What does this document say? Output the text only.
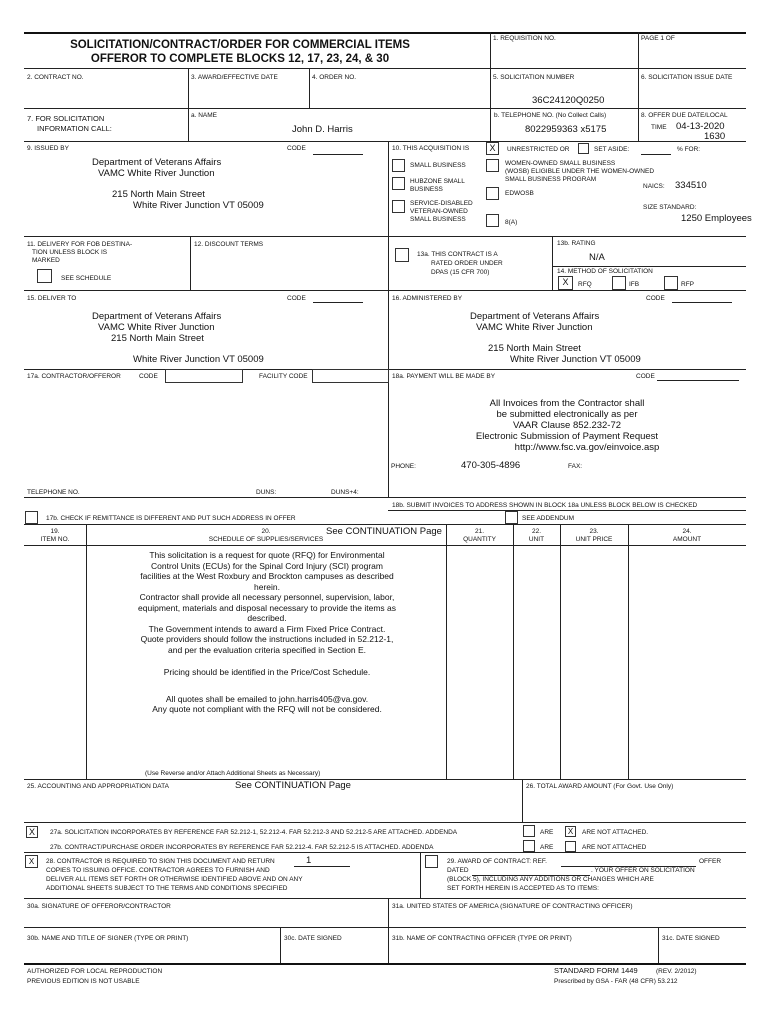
SOLICITATION/CONTRACT/ORDER FOR COMMERCIAL ITEMS
OFFEROR TO COMPLETE BLOCKS 12, 17, 23, 24, & 30
1. REQUISITION NO.	PAGE 1 OF
2. CONTRACT NO.	3. AWARD/EFFECTIVE DATE	4. ORDER NO.	5. SOLICITATION NUMBER
36C24120Q0250
6. SOLICITATION ISSUE DATE
7. FOR SOLICITATION
INFORMATION CALL:
a. NAME
John D. Harris
b. TELEPHONE NO. (No Collect Calls)
8022959363 x5175
8. OFFER DUE DATE/LOCAL
TIME 04-13-2020
1630
9. ISSUED BY	CODE
Department of Veterans Affairs
VAMC White River Junction
215 North Main Street
White River Junction VT 05009
10. THIS ACQUISITION IS	X	UNRESTRICTED OR	SET ASIDE:	% FOR:
SMALL BUSINESS
HUBZONE SMALL
BUSINESS
SERVICE-DISABLED
VETERAN-OWNED
SMALL BUSINESS
WOMEN-OWNED SMALL BUSINESS
(WOSB) ELIGIBLE UNDER THE WOMEN-OWNED
SMALL BUSINESS PROGRAM
EDWOSB
8(A)
NAICS: 334510
SIZE STANDARD:
1250 Employees
11. DELIVERY FOR FOB DESTINA-
TION UNLESS BLOCK IS
MARKED
SEE SCHEDULE
12. DISCOUNT TERMS
13a. THIS CONTRACT IS A
RATED ORDER UNDER
DPAS (15 CFR 700)
13b. RATING
N/A
14. METHOD OF SOLICITATION
X	RFQ	IFB	RFP
15. DELIVER TO	CODE
Department of Veterans Affairs
VAMC White River Junction
215 North Main Street
White River Junction VT 05009
16. ADMINISTERED BY	CODE
Department of Veterans Affairs
VAMC White River Junction
215 North Main Street
White River Junction VT 05009
17a. CONTRACTOR/OFFEROR	CODE	FACILITY CODE
TELEPHONE NO.	DUNS:	DUNS+4:
18a. PAYMENT WILL BE MADE BY	CODE
All Invoices from the Contractor shall
be submitted electronically as per
VAAR Clause 852.232-72
Electronic Submission of Payment Request
http://www.fsc.va.gov/einvoice.asp
PHONE:	470-305-4896	FAX:
17b. CHECK IF REMITTANCE IS DIFFERENT AND PUT SUCH ADDRESS IN OFFER
18b. SUBMIT INVOICES TO ADDRESS SHOWN IN BLOCK 18a UNLESS BLOCK BELOW IS CHECKED
SEE ADDENDUM
19.
ITEM NO.
20.
SCHEDULE OF SUPPLIES/SERVICES
See CONTINUATION Page	21.
QUANTITY
22.
UNIT
23.
UNIT PRICE
24.
AMOUNT
This solicitation is a request for quote (RFQ) for Environmental Control Units (ECUs) for the Spinal Cord Injury (SCI) program facilities at the West Roxbury and Brockton campuses as described herein.
Contractor shall provide all necessary personnel, supervision, labor, equipment, materials and disposal necessary to provide the items as described.
The Government intends to award a Firm Fixed Price Contract.
Quote providers should follow the instructions included in 52.212-1, and per the evaluation criteria specified in Section E.
Pricing should be identified in the Price/Cost Schedule.
All quotes shall be emailed to john.harris405@va.gov.
Any quote not compliant with the RFQ will not be considered.
(Use Reverse and/or Attach Additional Sheets as Necessary)
25. ACCOUNTING AND APPROPRIATION DATA	See CONTINUATION Page	26. TOTAL AWARD AMOUNT (For Govt. Use Only)
X	27a. SOLICITATION INCORPORATES BY REFERENCE FAR 52.212-1, 52.212-4. FAR 52.212-3 AND 52.212-5 ARE ATTACHED. ADDENDA	ARE	X	ARE NOT ATTACHED.
27b. CONTRACT/PURCHASE ORDER INCORPORATES BY REFERENCE FAR 52.212-4. FAR 52.212-5 IS ATTACHED. ADDENDA	ARE	ARE NOT ATTACHED
X	28. CONTRACTOR IS REQUIRED TO SIGN THIS DOCUMENT AND RETURN	1
COPIES TO ISSUING OFFICE. CONTRACTOR AGREES TO FURNISH AND
DELIVER ALL ITEMS SET FORTH OR OTHERWISE IDENTIFIED ABOVE AND ON ANY
ADDITIONAL SHEETS SUBJECT TO THE TERMS AND CONDITIONS SPECIFIED
29. AWARD OF CONTRACT: REF.	OFFER
DATED	. YOUR OFFER ON SOLICITATION
(BLOCK 5), INCLUDING ANY ADDITIONS OR CHANGES WHICH ARE
SET FORTH HEREIN IS ACCEPTED AS TO ITEMS:
30a. SIGNATURE OF OFFEROR/CONTRACTOR	31a. UNITED STATES OF AMERICA (SIGNATURE OF CONTRACTING OFFICER)
30b. NAME AND TITLE OF SIGNER (TYPE OR PRINT)	30c. DATE SIGNED	31b. NAME OF CONTRACTING OFFICER (TYPE OR PRINT)	31c. DATE SIGNED
AUTHORIZED FOR LOCAL REPRODUCTION
PREVIOUS EDITION IS NOT USABLE
STANDARD FORM 1449	(REV. 2/2012)
Prescribed by GSA - FAR (48 CFR) 53.212
